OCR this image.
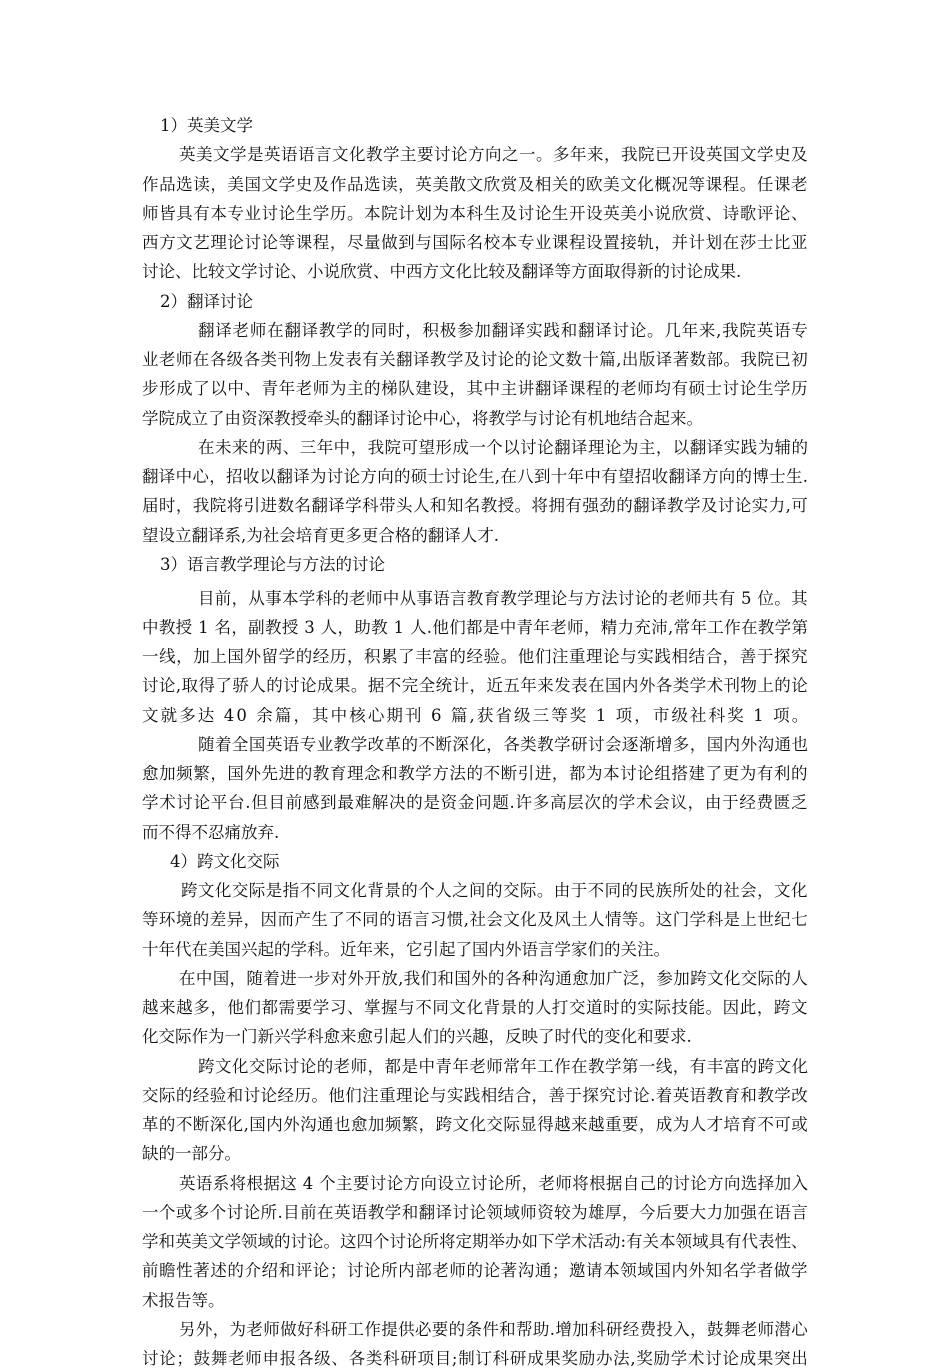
1）英美文学
英美文学是英语语言文化教学主要讨论方向之一。多年来，我院已开设英国文学史及
作品选读，美国文学史及作品选读，英美散文欣赏及相关的欧美文化概况等课程。任课老
师皆具有本专业讨论生学历。本院计划为本科生及讨论生开设英美小说欣赏、诗歌评论、
西方文艺理论讨论等课程，尽量做到与国际名校本专业课程设置接轨，并计划在莎士比亚
讨论、比较文学讨论、小说欣赏、中西方文化比较及翻译等方面取得新的讨论成果.
2）翻译讨论
翻译老师在翻译教学的同时，积极参加翻译实践和翻译讨论。几年来,我院英语专
业老师在各级各类刊物上发表有关翻译教学及讨论的论文数十篇,出版译著数部。我院已初
步形成了以中、青年老师为主的梯队建设，其中主讲翻译课程的老师均有硕士讨论生学历
学院成立了由资深教授牵头的翻译讨论中心，将教学与讨论有机地结合起来。
在未来的两、三年中，我院可望形成一个以讨论翻译理论为主，以翻译实践为辅的
翻译中心，招收以翻译为讨论方向的硕士讨论生,在八到十年中有望招收翻译方向的博士生.
届时，我院将引进数名翻译学科带头人和知名教授。将拥有强劲的翻译教学及讨论实力,可
望设立翻译系,为社会培育更多更合格的翻译人才.
3）语言教学理论与方法的讨论
目前，从事本学科的老师中从事语言教育教学理论与方法讨论的老师共有 5 位。其
中教授 1 名，副教授 3 人，助教 1 人.他们都是中青年老师，精力充沛,常年工作在教学第
一线，加上国外留学的经历，积累了丰富的经验。他们注重理论与实践相结合，善于探究
讨论,取得了骄人的讨论成果。据不完全统计，近五年来发表在国内外各类学术刊物上的论
文就多达 40 余篇，其中核心期刊 6 篇,获省级三等奖 1 项，市级社科奖 1 项。
随着全国英语专业教学改革的不断深化，各类教学研讨会逐渐增多，国内外沟通也
愈加频繁，国外先进的教育理念和教学方法的不断引进，都为本讨论组搭建了更为有利的
学术讨论平台.但目前感到最难解决的是资金问题.许多高层次的学术会议，由于经费匮乏
而不得不忍痛放弃.
4）跨文化交际
跨文化交际是指不同文化背景的个人之间的交际。由于不同的民族所处的社会，文化
等环境的差异，因而产生了不同的语言习惯,社会文化及风土人情等。这门学科是上世纪七
十年代在美国兴起的学科。近年来，它引起了国内外语言学家们的关注。
在中国，随着进一步对外开放,我们和国外的各种沟通愈加广泛，参加跨文化交际的人
越来越多，他们都需要学习、掌握与不同文化背景的人打交道时的实际技能。因此，跨文
化交际作为一门新兴学科愈来愈引起人们的兴趣，反映了时代的变化和要求.
跨文化交际讨论的老师，都是中青年老师常年工作在教学第一线，有丰富的跨文化
交际的经验和讨论经历。他们注重理论与实践相结合，善于探究讨论.着英语教育和教学改
革的不断深化,国内外沟通也愈加频繁，跨文化交际显得越来越重要，成为人才培育不可或
缺的一部分。
英语系将根据这 4 个主要讨论方向设立讨论所，老师将根据自己的讨论方向选择加入
一个或多个讨论所.目前在英语教学和翻译讨论领域师资较为雄厚，今后要大力加强在语言
学和英美文学领域的讨论。这四个讨论所将定期举办如下学术活动:有关本领域具有代表性、
前瞻性著述的介绍和评论；讨论所内部老师的论著沟通；邀请本领域国内外知名学者做学
术报告等。
另外，为老师做好科研工作提供必要的条件和帮助.增加科研经费投入，鼓舞老师潜心
讨论；鼓舞老师申报各级、各类科研项目;制订科研成果奖励办法,奖励学术讨论成果突出
